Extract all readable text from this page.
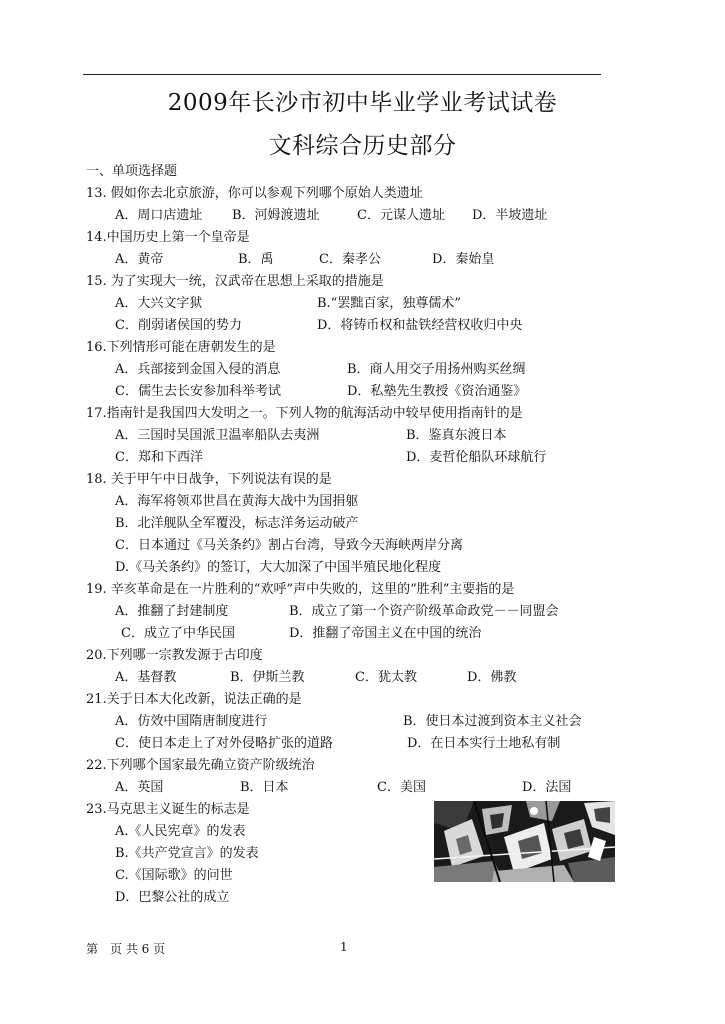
2009年长沙市初中毕业学业考试试卷
文科综合历史部分
一、单项选择题
13. 假如你去北京旅游，你可以参观下列哪个原始人类遗址
A．周口店遗址 B．河姆渡遗址	C．元谋人遗址 D．半坡遗址
14.中国历史上第一个皇帝是
A．黄帝	B．禹	C．秦孝公	D．秦始皇
15. 为了实现大一统，汉武帝在思想上采取的措施是
A．大兴文字狱	B.“罢黜百家，独尊儒术”
C．削弱诸侯国的势力	D．将铸币权和盐铁经营权收归中央
16.下列情形可能在唐朝发生的是
A．兵部接到金国入侵的消息	B．商人用交子用扬州购买丝绸
C．儒生去长安参加科举考试	D．私塾先生教授《资治通鉴》
17.指南针是我国四大发明之一。下列人物的航海活动中较早使用指南针的是
A．三国时吴国派卫温率船队去夷洲	B．鉴真东渡日本
C．郑和下西洋	D．麦哲伦船队环球航行
18. 关于甲午中日战争，下列说法有误的是
A．海军将领邓世昌在黄海大战中为国捐躯
B．北洋舰队全军覆没，标志洋务运动破产
C．日本通过《马关条约》割占台湾，导致今天海峡两岸分离
D.《马关条约》的签订，大大加深了中国半殖民地化程度
19. 辛亥革命是在一片胜利的“欢呼”声中失败的，这里的“胜利”主要指的是
A．推翻了封建制度	B．成立了第一个资产阶级革命政党－－同盟会
C．成立了中华民国	D．推翻了帝国主义在中国的统治
20.下列哪一宗教发源于古印度
A．基督教	B．伊斯兰教	C．犹太教	D．佛教
21.关于日本大化改新，说法正确的是
A．仿效中国隋唐制度进行	B．使日本过渡到资本主义社会
C．使日本走上了对外侵略扩张的道路	D．在日本实行土地私有制
22.下列哪个国家最先确立资产阶级统治
A．英国	B．日本	C．美国	D．法国
23.马克思主义诞生的标志是
A.《人民宪章》的发表
B.《共产党宣言》的发表
C.《国际歌》的问世
D．巴黎公社的成立
第　页 共 6 页	1
